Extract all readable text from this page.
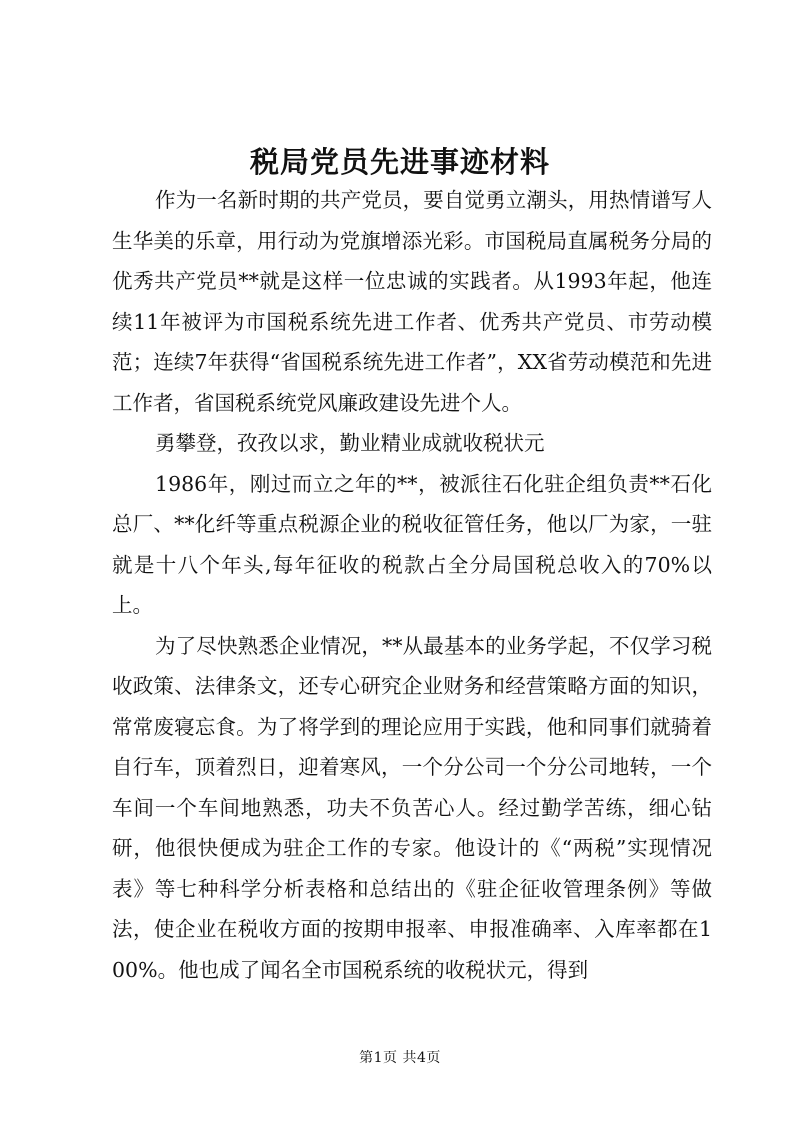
税局党员先进事迹材料

作为一名新时期的共产党员，要自觉勇立潮头，用热情谱写人生华美的乐章，用行动为党旗增添光彩。市国税局直属税务分局的优秀共产党员**就是这样一位忠诚的实践者。从1993年起，他连续11年被评为市国税系统先进工作者、优秀共产党员、市劳动模范；连续7年获得“省国税系统先进工作者”，XX省劳动模范和先进工作者，省国税系统党风廉政建设先进个人。

勇攀登，孜孜以求，勤业精业成就收税状元

1986年，刚过而立之年的**，被派往石化驻企组负责**石化总厂、**化纤等重点税源企业的税收征管任务，他以厂为家，一驻就是十八个年头,每年征收的税款占全分局国税总收入的70%以上。

为了尽快熟悉企业情况，**从最基本的业务学起，不仅学习税收政策、法律条文，还专心研究企业财务和经营策略方面的知识，常常废寝忘食。为了将学到的理论应用于实践，他和同事们就骑着自行车，顶着烈日，迎着寒风，一个分公司一个分公司地转，一个车间一个车间地熟悉，功夫不负苦心人。经过勤学苦练，细心钻研，他很快便成为驻企工作的专家。他设计的《“两税”实现情况表》等七种科学分析表格和总结出的《驻企征收管理条例》等做法，使企业在税收方面的按期申报率、申报准确率、入库率都在100%。他也成了闻名全市国税系统的收税状元，得到

第1页 共4页
